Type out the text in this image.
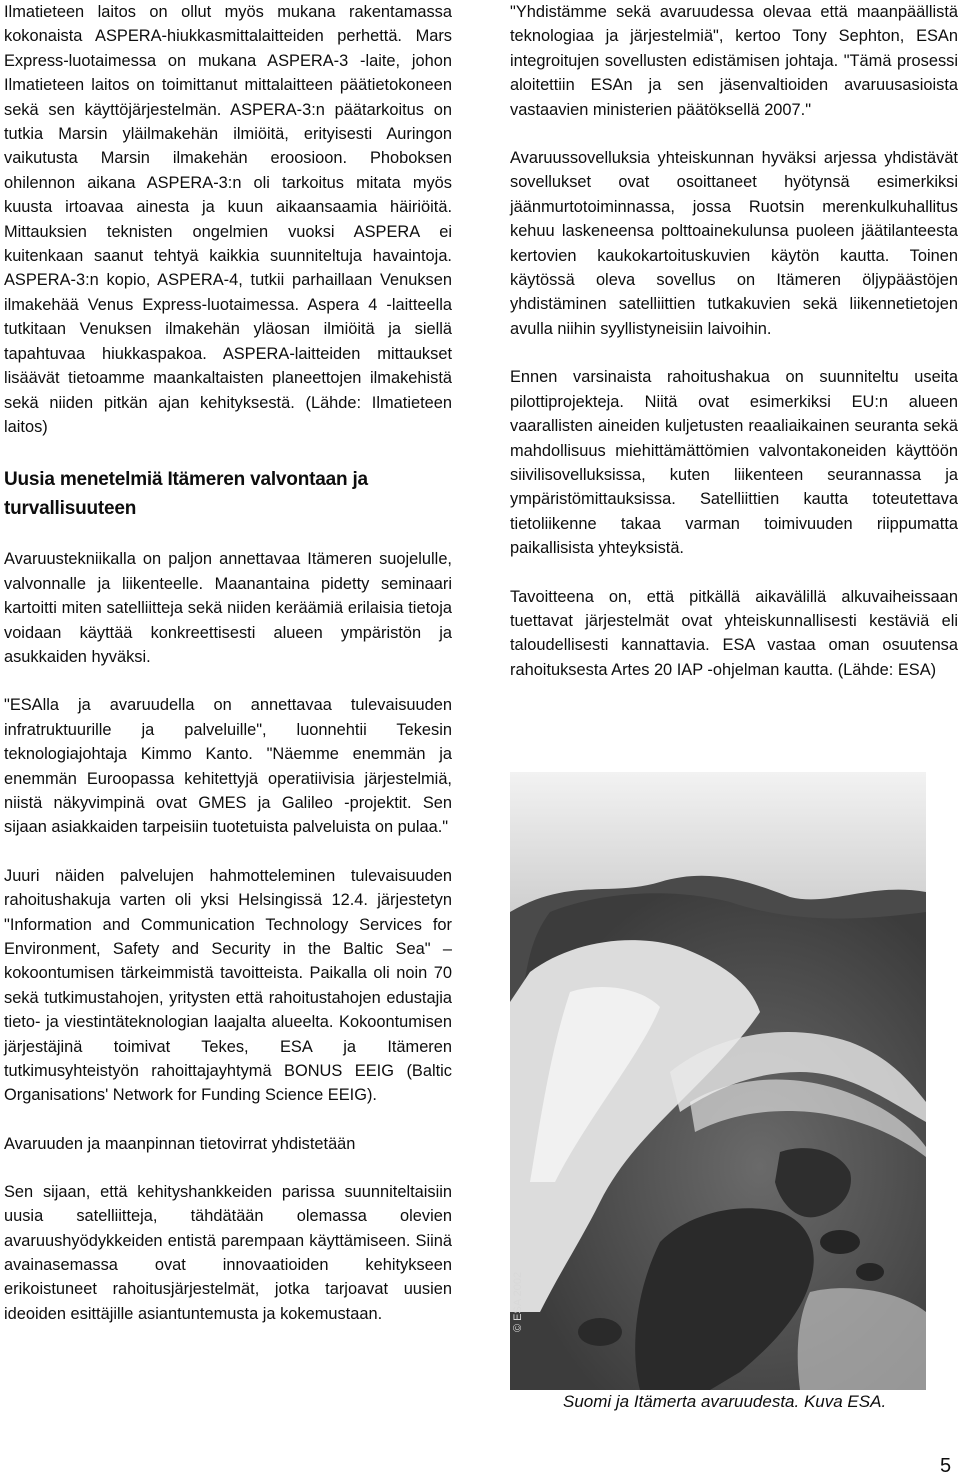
Ilmatieteen laitos on ollut myös mukana rakentamassa kokonaista ASPERA-hiukkasmittalaitteiden perhettä. Mars Express-luotaimessa on mukana ASPERA-3 -laite, johon Ilmatieteen laitos on toimittanut mittalaitteen päätietokoneen sekä sen käyttöjärjestelmän. ASPERA-3:n päätarkoitus on tutkia Marsin yläilmakehän ilmiöitä, erityisesti Auringon vaikutusta Marsin ilmakehän eroosioon. Phoboksen ohilennon aikana ASPERA-3:n oli tarkoitus mitata myös kuusta irtoavaa ainesta ja kuun aikaansaamia häiriöitä. Mittauksien teknisten ongelmien vuoksi ASPERA ei kuitenkaan saanut tehtyä kaikkia suunniteltuja havaintoja. ASPERA-3:n kopio, ASPERA-4, tutkii parhaillaan Venuksen ilmakehää Venus Express-luotaimessa. Aspera 4 -laitteella tutkitaan Venuksen ilmakehän yläosan ilmiöitä ja siellä tapahtuvaa hiukkaspakoa. ASPERA-laitteiden mittaukset lisäävät tietoamme maankaltaisten planeettojen ilmakehistä sekä niiden pitkän ajan kehityksestä. (Lähde: Ilmatieteen laitos)

Uusia menetelmiä Itämeren valvontaan ja turvallisuuteen

Avaruustekniikalla on paljon annettavaa Itämeren suojelulle, valvonnalle ja liikenteelle. Maanantaina pidetty seminaari kartoitti miten satelliitteja sekä niiden keräämiä erilaisia tietoja voidaan käyttää konkreettisesti alueen ympäristön ja asukkaiden hyväksi.

"ESAlla ja avaruudella on annettavaa tulevaisuuden infratruktuurille ja palveluille", luonnehtii Tekesin teknologiajohtaja Kimmo Kanto. "Näemme enemmän ja enemmän Euroopassa kehitettyjä operatiivisia järjestelmiä, niistä näkyvimpinä ovat GMES ja Galileo -projektit. Sen sijaan asiakkaiden tarpeisiin tuotetuista palveluista on pulaa."

Juuri näiden palvelujen hahmotteleminen tulevaisuuden rahoitushakuja varten oli yksi Helsingissä 12.4. järjestetyn "Information and Communication Technology Services for Environment, Safety and Security in the Baltic Sea" –kokoontumisen tärkeimmistä tavoitteista. Paikalla oli noin 70 sekä tutkimustahojen, yritysten että rahoitustahojen edustajia tieto- ja viestintäteknologian laajalta alueelta. Kokoontumisen järjestäjinä toimivat Tekes, ESA ja Itämeren tutkimusyhteistyön rahoittajayhtymä BONUS EEIG (Baltic Organisations' Network for Funding Science EEIG).

Avaruuden ja maanpinnan tietovirrat yhdistetään

Sen sijaan, että kehityshankkeiden parissa suunniteltaisiin uusia satelliitteja, tähdätään olemassa olevien avaruushyödykkeiden entistä parempaan käyttämiseen. Siinä avainasemassa ovat innovaatioiden kehitykseen erikoistuneet rahoitusjärjestelmät, jotka tarjoavat uusien ideoiden esittäjille asiantuntemusta ja kokemustaan.

"Yhdistämme sekä avaruudessa olevaa että maanpäällistä teknologiaa ja järjestelmiä", kertoo Tony Sephton, ESAn integroitujen sovellusten edistämisen johtaja. "Tämä prosessi aloitettiin ESAn ja sen jäsenvaltioiden avaruusasioista vastaavien ministerien päätöksellä 2007."

Avaruussovelluksia yhteiskunnan hyväksi arjessa yhdistävät sovellukset ovat osoittaneet hyötynsä esimerkiksi jäänmurtotoiminnassa, jossa Ruotsin merenkulkuhallitus kehuu laskeneensa polttoainekulunsa puoleen jäätilanteesta kertovien kaukokartoituskuvien käytön kautta. Toinen käytössä oleva sovellus on Itämeren öljypäästöjen yhdistäminen satelliittien tutkakuvien sekä liikennetietojen avulla niihin syyllistyneisiin laivoihin.

Ennen varsinaista rahoitushakua on suunniteltu useita pilottiprojekteja. Niitä ovat esimerkiksi EU:n alueen vaarallisten aineiden kuljetusten reaaliaikainen seuranta sekä mahdollisuus miehittämättömien valvontakoneiden käyttöön siivilisovelluksissa, kuten liikenteen seurannassa ja ympäristömittauksissa. Satelliittien kautta toteutettava tietoliikenne takaa varman toimivuuden riippumatta paikallisista yhteyksistä.

Tavoitteena on, että pitkällä aikavälillä alkuvaiheissaan tuettavat järjestelmät ovat yhteiskunnallisesti kestäviä eli taloudellisesti kannattavia. ESA vastaa oman osuutensa rahoituksesta Artes 20 IAP -ohjelman kautta. (Lähde: ESA)

© ESA 2002
Suomi ja Itämerta avaruudesta. Kuva ESA.
5
